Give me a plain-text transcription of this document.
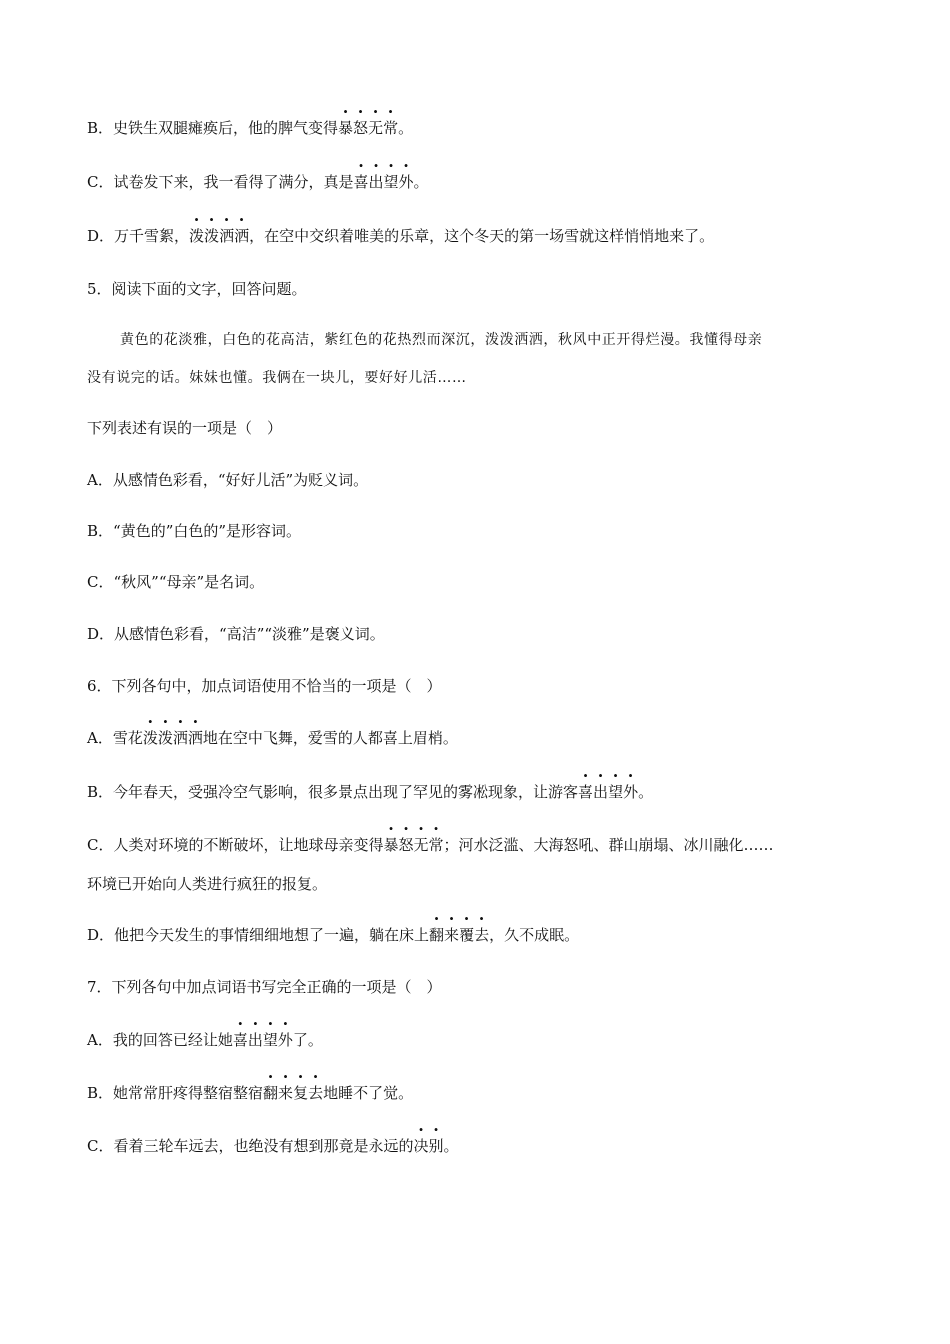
B．史铁生双腿瘫痪后，他的脾气变得暴怒无常。
C．试卷发下来，我一看得了满分，真是喜出望外。
D．万千雪絮，泼泼洒洒，在空中交织着唯美的乐章，这个冬天的第一场雪就这样悄悄地来了。
5．阅读下面的文字，回答问题。
黄色的花淡雅，白色的花高洁，紫红色的花热烈而深沉，泼泼洒洒，秋风中正开得烂漫。我懂得母亲
没有说完的话。妹妹也懂。我俩在一块儿，要好好儿活……
下列表述有误的一项是（　）
A．从感情色彩看，“好好儿活”为贬义词。
B．“黄色的”白色的”是形容词。
C．“秋风”“母亲”是名词。
D．从感情色彩看，“高洁”“淡雅”是褒义词。
6．下列各句中，加点词语使用不恰当的一项是（　）
A．雪花泼泼洒洒地在空中飞舞，爱雪的人都喜上眉梢。
B．今年春天，受强冷空气影响，很多景点出现了罕见的雾凇现象，让游客喜出望外。
C．人类对环境的不断破坏，让地球母亲变得暴怒无常；河水泛滥、大海怒吼、群山崩塌、冰川融化……
环境已开始向人类进行疯狂的报复。
D．他把今天发生的事情细细地想了一遍，躺在床上翻来覆去，久不成眠。
7．下列各句中加点词语书写完全正确的一项是（　）
A．我的回答已经让她喜出望外了。
B．她常常肝疼得整宿整宿翻来复去地睡不了觉。
C．看着三轮车远去，也绝没有想到那竟是永远的决别。
